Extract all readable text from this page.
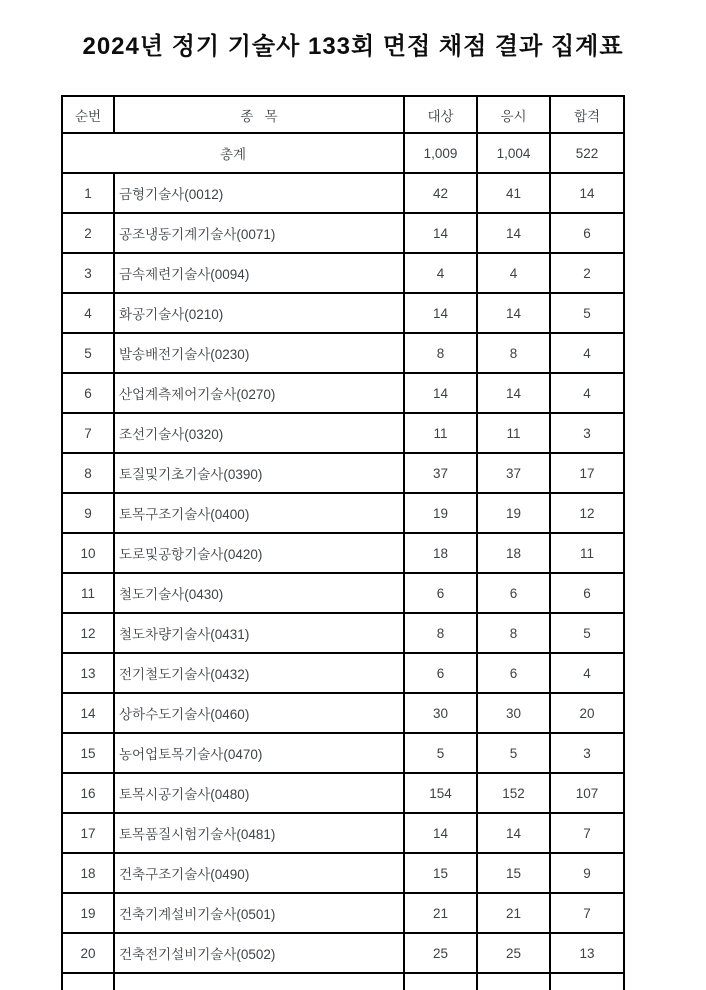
2024년 정기 기술사 133회 면접 채점 결과 집계표
순번	종   목	대상	응시	합격
총계		1,009	1,004	522
1	금형기술사(0012)	42	41	14
2	공조냉동기계기술사(0071)	14	14	6
3	금속제련기술사(0094)	4	4	2
4	화공기술사(0210)	14	14	5
5	발송배전기술사(0230)	8	8	4
6	산업계측제어기술사(0270)	14	14	4
7	조선기술사(0320)	11	11	3
8	토질및기초기술사(0390)	37	37	17
9	토목구조기술사(0400)	19	19	12
10	도로및공항기술사(0420)	18	18	11
11	철도기술사(0430)	6	6	6
12	철도차량기술사(0431)	8	8	5
13	전기철도기술사(0432)	6	6	4
14	상하수도기술사(0460)	30	30	20
15	농어업토목기술사(0470)	5	5	3
16	토목시공기술사(0480)	154	152	107
17	토목품질시험기술사(0481)	14	14	7
18	건축구조기술사(0490)	15	15	9
19	건축기계설비기술사(0501)	21	21	7
20	건축전기설비기술사(0502)	25	25	13
